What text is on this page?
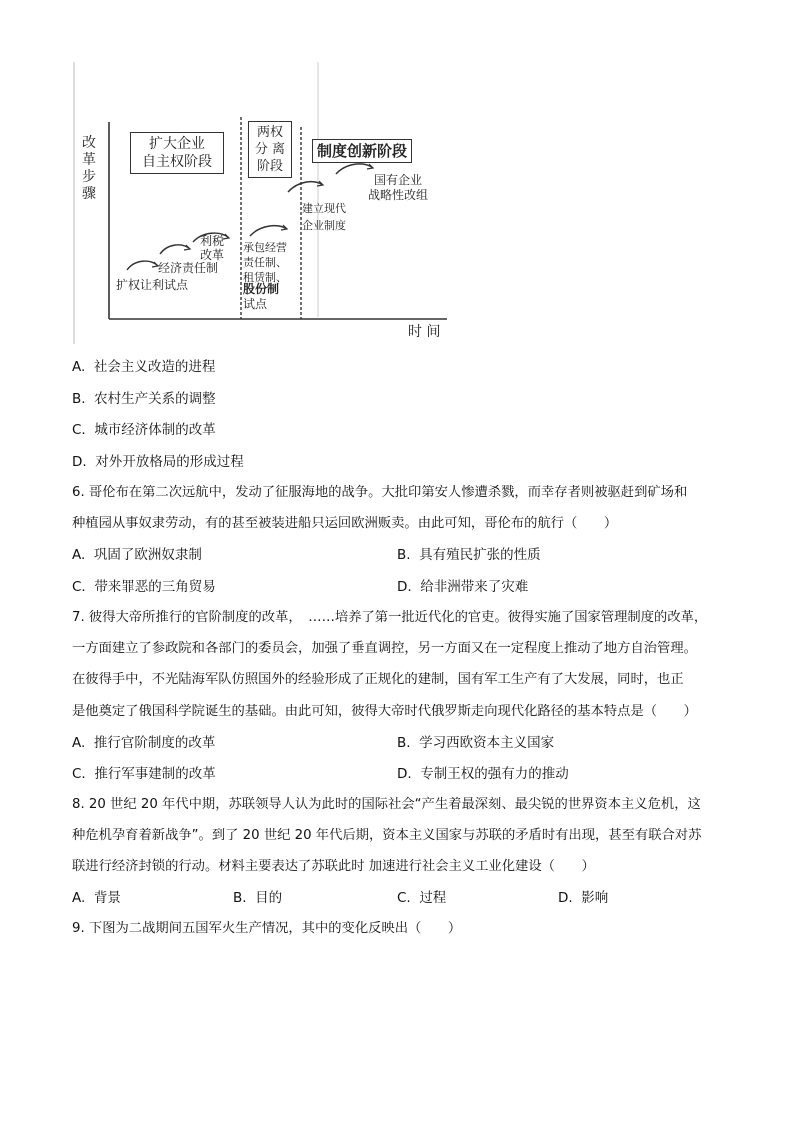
改
革
步
骤
扩大企业
自主权阶段
两权
分 离
阶段
制度创新阶段
扩权让利试点
经济责任制
利税
改革
承包经营
责任制、
租赁制、
股份制
试点
建立现代
企业制度
国有企业
战略性改组
时 间
A. 社会主义改造的进程
B. 农村生产关系的调整
C. 城市经济体制的改革
D. 对外开放格局的形成过程
6. 哥伦布在第二次远航中，发动了征服海地的战争。大批印第安人惨遭杀戮，而幸存者则被驱赶到矿场和
种植园从事奴隶劳动，有的甚至被装进船只运回欧洲贩卖。由此可知，哥伦布的航行（　　）
A. 巩固了欧洲奴隶制	B. 具有殖民扩张的性质
C. 带来罪恶的三角贸易	D. 给非洲带来了灾难
7. 彼得大帝所推行的官阶制度的改革，　……培养了第一批近代化的官吏。彼得实施了国家管理制度的改革，
一方面建立了参政院和各部门的委员会，加强了垂直调控，另一方面又在一定程度上推动了地方自治管理。
在彼得手中，不光陆海军队仿照国外的经验形成了正规化的建制，国有军工生产有了大发展，同时，也正
是他奠定了俄国科学院诞生的基础。由此可知，彼得大帝时代俄罗斯走向现代化路径的基本特点是（　　）
A. 推行官阶制度的改革	B. 学习西欧资本主义国家
C. 推行军事建制的改革	D. 专制王权的强有力的推动
8. 20 世纪 20 年代中期，苏联领导人认为此时的国际社会“产生着最深刻、最尖锐的世界资本主义危机，这
种危机孕育着新战争”。到了 20 世纪 20 年代后期，资本主义国家与苏联的矛盾时有出现，甚至有联合对苏
联进行经济封锁的行动。材料主要表达了苏联此时 加速进行社会主义工业化建设（　　）
A. 背景	B. 目的	C. 过程	D. 影响
9. 下图为二战期间五国军火生产情况，其中的变化反映出（　　）
